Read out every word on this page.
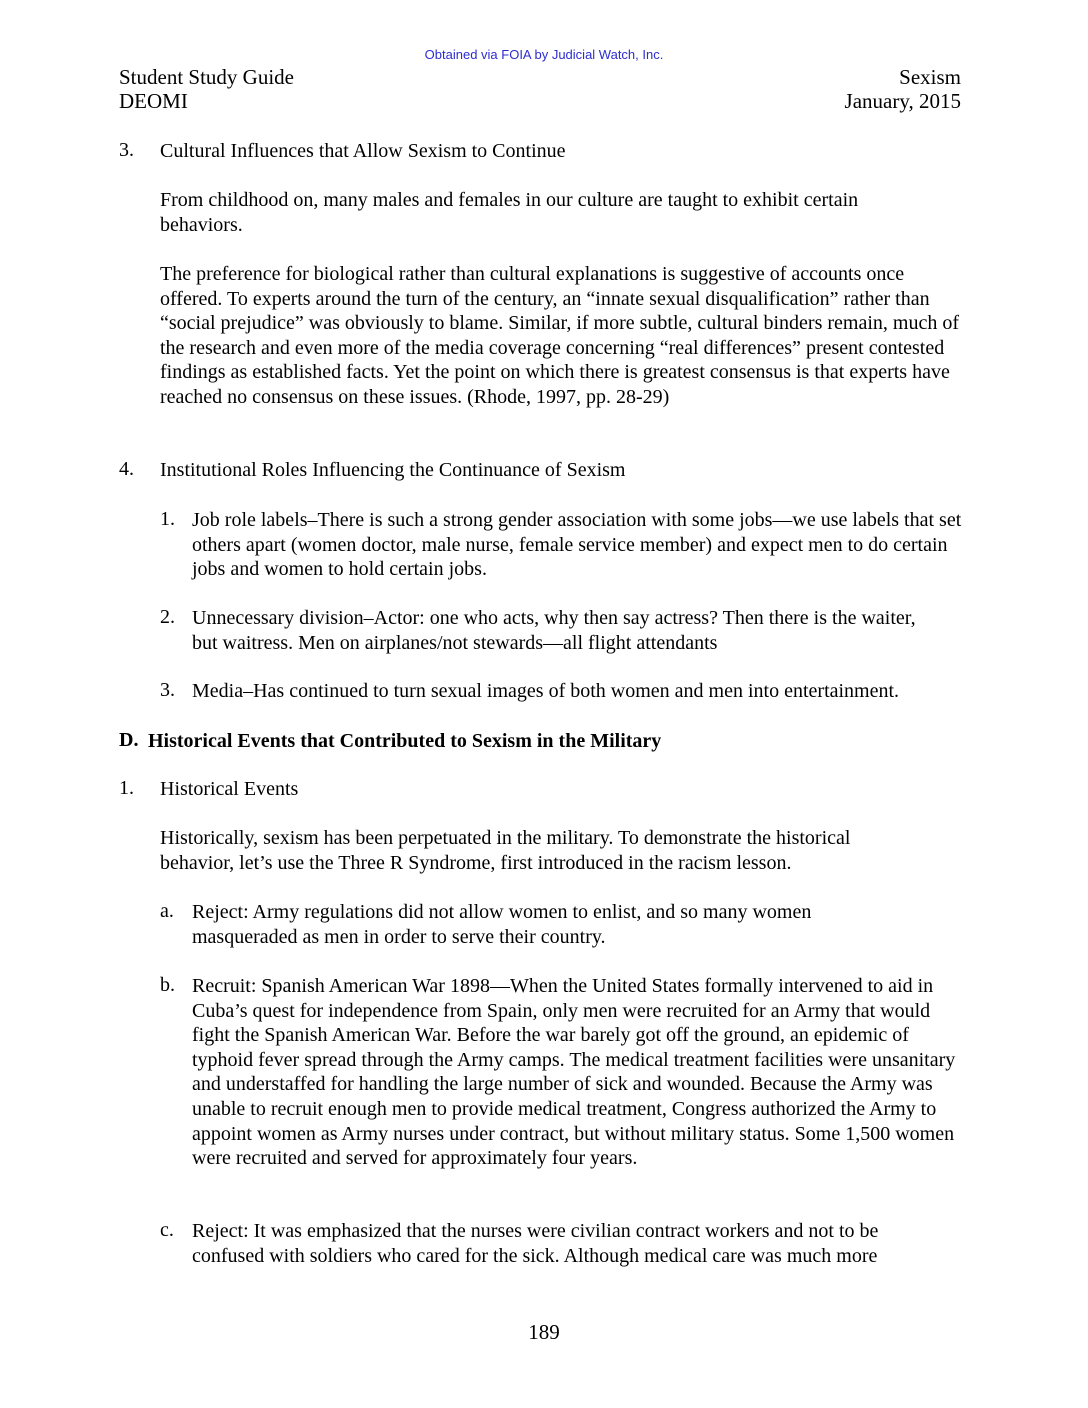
Obtained via FOIA by Judicial Watch, Inc.
Student Study Guide
DEOMI
Sexism
January, 2015
3. Cultural Influences that Allow Sexism to Continue
From childhood on, many males and females in our culture are taught to exhibit certain behaviors.
The preference for biological rather than cultural explanations is suggestive of accounts once offered. To experts around the turn of the century, an “innate sexual disqualification” rather than “social prejudice” was obviously to blame. Similar, if more subtle, cultural binders remain, much of the research and even more of the media coverage concerning “real differences” present contested findings as established facts. Yet the point on which there is greatest consensus is that experts have reached no consensus on these issues. (Rhode, 1997, pp. 28-29)
4. Institutional Roles Influencing the Continuance of Sexism
1. Job role labels–There is such a strong gender association with some jobs—we use labels that set others apart (women doctor, male nurse, female service member) and expect men to do certain jobs and women to hold certain jobs.
2. Unnecessary division–Actor: one who acts, why then say actress? Then there is the waiter, but waitress. Men on airplanes/not stewards—all flight attendants
3. Media–Has continued to turn sexual images of both women and men into entertainment.
D. Historical Events that Contributed to Sexism in the Military
1. Historical Events
Historically, sexism has been perpetuated in the military. To demonstrate the historical behavior, let’s use the Three R Syndrome, first introduced in the racism lesson.
a. Reject: Army regulations did not allow women to enlist, and so many women masqueraded as men in order to serve their country.
b. Recruit: Spanish American War 1898—When the United States formally intervened to aid in Cuba’s quest for independence from Spain, only men were recruited for an Army that would fight the Spanish American War. Before the war barely got off the ground, an epidemic of typhoid fever spread through the Army camps. The medical treatment facilities were unsanitary and understaffed for handling the large number of sick and wounded. Because the Army was unable to recruit enough men to provide medical treatment, Congress authorized the Army to appoint women as Army nurses under contract, but without military status. Some 1,500 women were recruited and served for approximately four years.
c. Reject: It was emphasized that the nurses were civilian contract workers and not to be confused with soldiers who cared for the sick. Although medical care was much more
189
